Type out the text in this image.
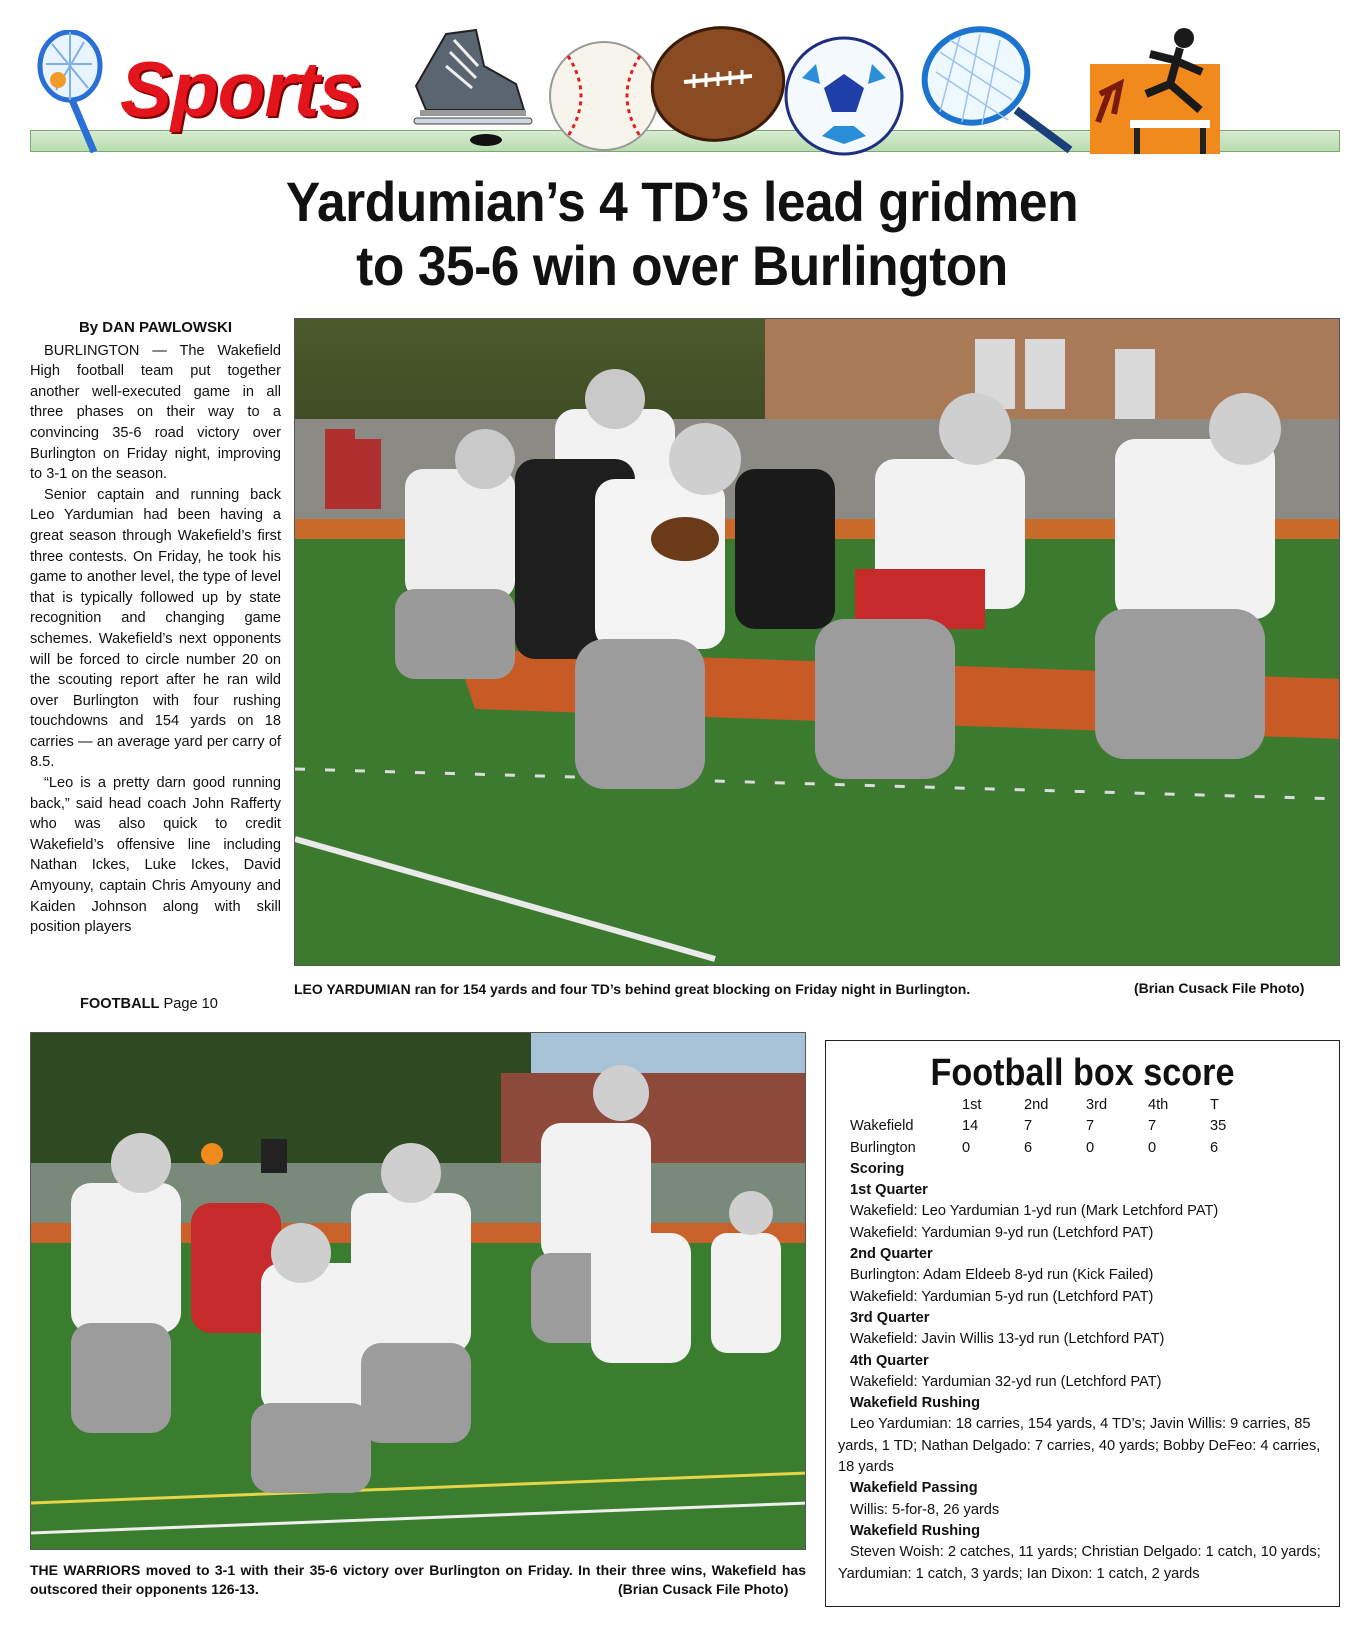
Sports
Yardumian’s 4 TD’s lead gridmen
to 35-6 win over Burlington
By DAN PAWLOWSKI

BURLINGTON — The Wakefield High football team put together another well-executed game in all three phases on their way to a convincing 35-6 road victory over Burlington on Friday night, improving to 3-1 on the season.

Senior captain and running back Leo Yardumian had been having a great season through Wakefield’s first three contests. On Friday, he took his game to another level, the type of level that is typically followed up by state recognition and changing game schemes. Wakefield’s next opponents will be forced to circle number 20 on the scouting report after he ran wild over Burlington with four rushing touchdowns and 154 yards on 18 carries — an average yard per carry of 8.5.

“Leo is a pretty darn good running back,” said head coach John Rafferty who was also quick to credit Wakefield’s offensive line including Nathan Ickes, Luke Ickes, David Amyouny, captain Chris Amyouny and Kaiden Johnson along with skill position players

FOOTBALL Page 10
LEO YARDUMIAN ran for 154 yards and four TD’s behind great blocking on Friday night in Burlington.	(Brian Cusack File Photo)
THE WARRIORS moved to 3-1 with their 35-6 victory over Burlington on Friday. In their three wins, Wakefield has outscored their opponents 126-13.	(Brian Cusack File Photo)
Football box score
	1st	2nd	3rd	4th	T
Wakefield	14	7	7	7	35
Burlington	0	6	0	0	6
Scoring
1st Quarter
Wakefield: Leo Yardumian 1-yd run (Mark Letchford PAT)
Wakefield: Yardumian 9-yd run (Letchford PAT)
2nd Quarter
Burlington: Adam Eldeeb 8-yd run (Kick Failed)
Wakefield: Yardumian 5-yd run (Letchford PAT)
3rd Quarter
Wakefield: Javin Willis 13-yd run (Letchford PAT)
4th Quarter
Wakefield: Yardumian 32-yd run (Letchford PAT)
Wakefield Rushing
Leo Yardumian: 18 carries, 154 yards, 4 TD’s; Javin Willis: 9 carries, 85 yards, 1 TD; Nathan Delgado: 7 carries, 40 yards; Bobby DeFeo: 4 carries, 18 yards
Wakefield Passing
Willis: 5-for-8, 26 yards
Wakefield Rushing
Steven Woish: 2 catches, 11 yards; Christian Delgado: 1 catch, 10 yards; Yardumian: 1 catch, 3 yards; Ian Dixon: 1 catch, 2 yards
